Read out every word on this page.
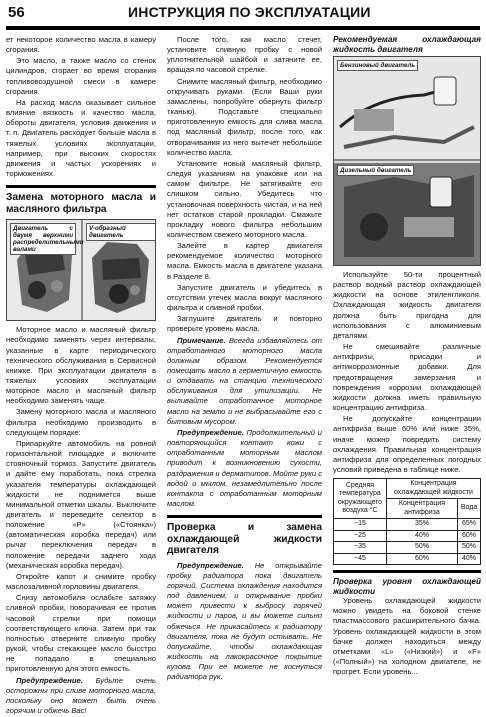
56	ИНСТРУКЦИЯ ПО ЭКСПЛУАТАЦИИ

ет некоторое количество масла в камеру сгорания.

Это масло, а также масло со стенок цилиндров, сгорает во время сгорания топливовоздушной смеси в камере сгорания.

На расход масла оказывает сильное влияние вязкость и качество масла, обороты двигателя, условия движения и т. п. Двигатель расходует больше масла в тяжелых условиях эксплуатации, например, при высоких скоростях движения и частых ускорениях и торможениях.

Замена моторного масла и масляного фильтра
Двигатель с двумя верхними распределительными валами
V-образный двигатель

Моторное масло и масляный фильтр необходимо заменять через интервалы, указанные в карте периодического технического обслуживания в Сервисной книжке. При эксплуатации двигателя в тяжелых условиях эксплуатации моторное масло и масляный фильтр необходимо заменять чаще.

Замену моторного масла и масляного фильтра необходимо производить в следующем порядке:

Припаркуйте автомобиль на ровной горизонтальной площадке и включите стояночный тормоз. Запустите двигатель и дайте ему поработать, пока стрелка указателя температуры охлаждающей жидкости не поднимется выше минимальной отметки шкалы. Выключите двигатель и переведите селектор в положение «P» («Стоянка») (автоматическая коробка передач) или рычаг переключения передач в положение передачи заднего хода (механическая коробка передач).

Откройте капот и снимите пробку маслозаливной горловины двигателя.

Снизу автомобиля ослабьте затяжку сливной пробки, поворачивая ее против часовой стрелки при помощи соответствующего ключа. Затем при так полностью отверните сливную пробку рукой, чтобы стекающее масло бысстро не попадало в специально приготовленную для этого емкость.

Предупреждение. Будьте очень осторожны при сливе моторного масла, поскольку оно может быть очень горячим и обжечь Вас!

После того, как масло стечет, установите сливную пробку с новой уплотнительной шайбой и затяните ее, вращая по часовой стрелке.

Снимите масляный фильтр, необходимо откручивать руками. (Если Ваши руки замаслены, попробуйте обернуть фильтр тканью). Подставьте специально приготовленную емкость для слива масла под масляный фильтр, после того, как отворачивания из него вытечет небольшое количество масла.

Установите новый масляный фильтр, следуя указаниям на упаковке или на самом фильтре. Не затягивайте его слишком сильно. Убедитесь что установочная поверхность чистая, и на ней нет остатков старой прокладки. Смажьте прокладку нового фильтра небольшим количеством свежего моторного масла.

Залейте в картер двигателя рекомендуемое количество моторного масла. Емкость масла в двигателе указана в Разделе 8.

Запустите двигатель и убедитесь в отсутствии утечек масла вокруг масляного фильтра и сливной пробки.

Заглушите двигатель и повторно проверьте уровень масла.

Примечание. Всегда избавляйтесь от отработанного моторного масла должным образом. Рекомендуется помещать масло в герметичную емкость и отдавать на станцию технического обслуживания для утилизации. Не выливайте отработанное моторное масло на землю и не выбрасывайте его с бытовым мусором.

Предупреждение. Продолжительный и повторяющийся контакт кожи с отработанным моторным маслом приводит к возникновению сухости, раздражения и дерматитов. Мойте руки с водой и мылом, незамедлительно после контакта с отработанным моторным маслом.

Проверка и замена охлаждающей жидкости двигателя

Предупреждение. Не открывайте пробку радиатора пока двигатель горячий. Система охлаждения находится под давлением, и открывание пробки может привести к выбросу горячей жидкости и паров, и вы можете сильно обжечься. Не прикасайтесь к радиатору двигателя, пока не будут остывать. Не допускайте, чтобы охлаждающая жидкость на лакокрасочное покрытие кузова. При ее можете не коснуться радиатора рук.

Рекомендуемая охлаждающая жидкость двигателя
Бензиновый двигатель
Дизельный двигатель

Используйте 50-ти процентный раствор водный раствор охлаждающей жидкости на основе этиленгликоля. Охлаждающая жидкость двигателя должна быть пригодна для использования с алюминиевым деталями.

Не смешивайте различные антифризы, присадки и антикоррозионные добавки. Для предотвращения замерзания и повреждения коррозии охлаждающей жидкости должна иметь правильную концентрацию антифриза.

Не допускайте концентрации антифриза выше 60% или ниже 35%, иначе можно повредить систему охлаждения. Правильная концентрация антифриза для определенных погодных условий приведена в таблице ниже.

Средняя температура окружающего воздуха °С	Концентрация охлаждающей жидкости	
	Концентрация антифриза	Вода
−15	35%	65%
−25	40%	60%
−35	50%	50%
−45	60%	40%
Проверка уровня охлаждающей жидкости

Уровень охлаждающей жидкости можно увидеть на боковой стенке пластмассового расширительного бачка. Уровень охлаждающей жидкости в этом бачке должен находиться между отметками «L» («Низкий») и «F» («Полный») на холодном двигателе, не прогрет. Если уровень...
